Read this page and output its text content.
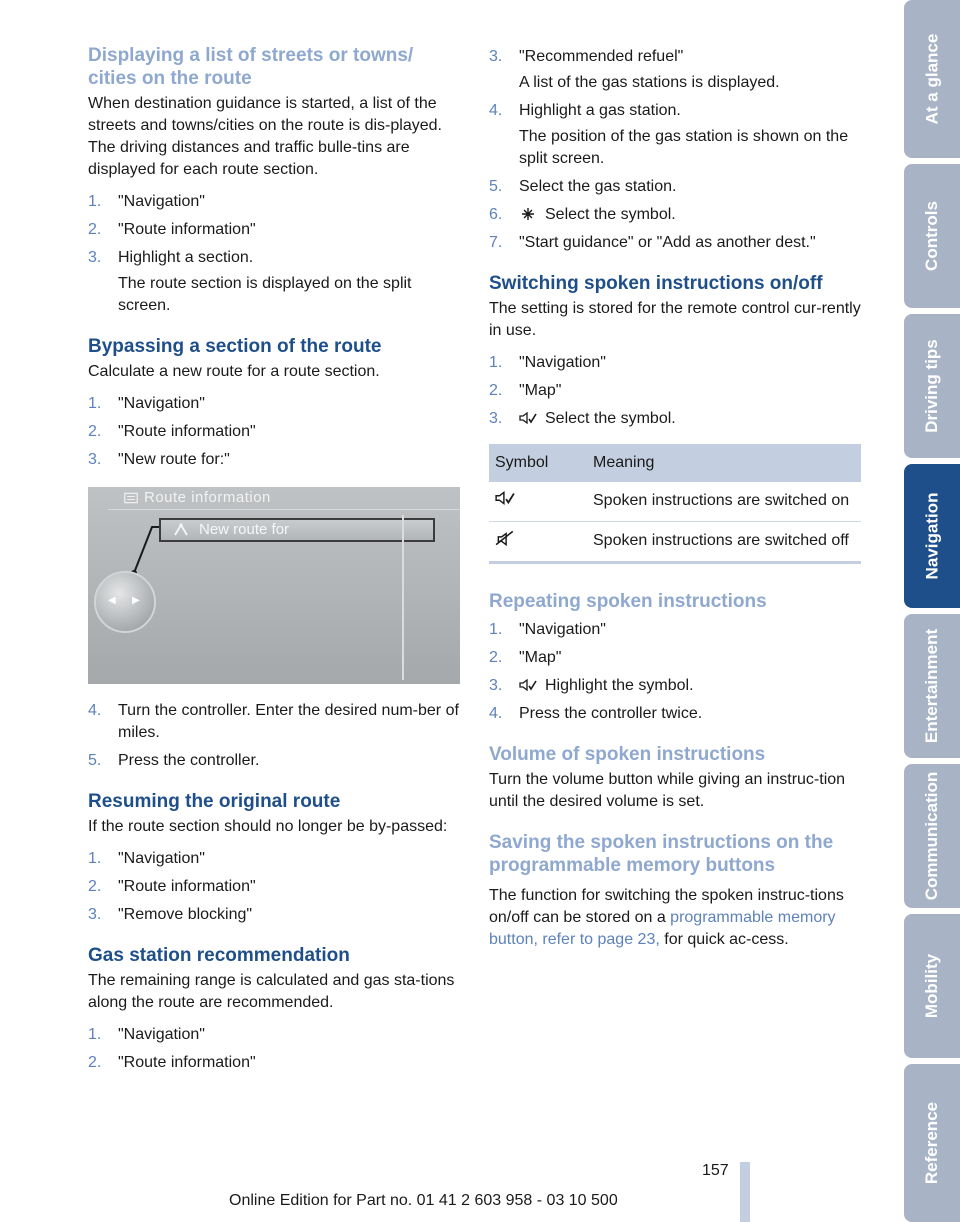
Displaying a list of streets or towns/
cities on the route

When destination guidance is started, a list of the streets and towns/cities on the route is dis-played. The driving distances and traffic bulle-tins are displayed for each route section.

1. "Navigation"
2. "Route information"
3. Highlight a section.
The route section is displayed on the split screen.
Bypassing a section of the route

Calculate a new route for a route section.

1. "Navigation"
2. "Route information"
3. "New route for:"
Route information
New route for
◀ ▶
4. Turn the controller. Enter the desired num-ber of miles.
5. Press the controller.
Resuming the original route

If the route section should no longer be by-passed:

1. "Navigation"
2. "Route information"
3. "Remove blocking"
Gas station recommendation

The remaining range is calculated and gas sta-tions along the route are recommended.

1. "Navigation"
2. "Route information"
3. "Recommended refuel"
A list of the gas stations is displayed.
4. Highlight a gas station.
The position of the gas station is shown on the split screen.
5. Select the gas station.
6.	Select the symbol.
7. "Start guidance" or "Add as another dest."
Switching spoken instructions on/off

The setting is stored for the remote control cur-rently in use.

1. "Navigation"
2. "Map"
3.	Select the symbol.
Symbol	Meaning
	Spoken instructions are switched on
	Spoken instructions are switched off
Repeating spoken instructions
1. "Navigation"
2. "Map"
3.	Highlight the symbol.
4. Press the controller twice.
Volume of spoken instructions

Turn the volume button while giving an instruc-tion until the desired volume is set.

Saving the spoken instructions on the
programmable memory buttons

The function for switching the spoken instruc-tions on/off can be stored on a programmable memory button, refer to page 23, for quick ac-cess.

At a glance
Controls
Driving tips
Navigation
Entertainment
Communication
Mobility
Reference
157
Online Edition for Part no. 01 41 2 603 958 - 03 10 500
